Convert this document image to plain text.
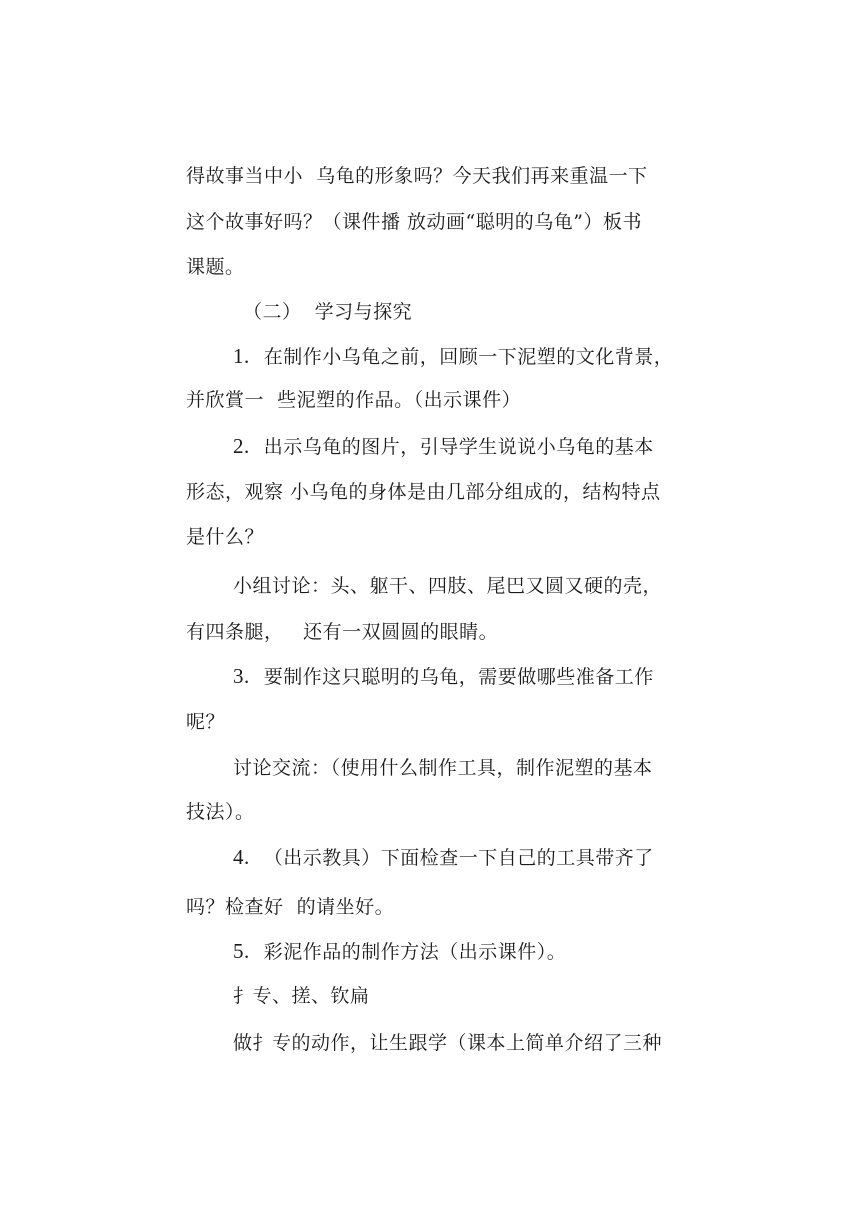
得故事当中小  乌龟的形象吗？今天我们再来重温一下
这个故事好吗？（课件播 放动画“聪明的乌龟”）板书
课题。
（二）  学习与探究
1. 在制作小乌龟之前，回顾一下泥塑的文化背景，
并欣賞一  些泥塑的作品。（出示课件）
2. 出示乌龟的图片，引导学生说说小乌龟的基本
形态，观察 小乌龟的身体是由几部分组成的，结构特点
是什么？
小组讨论：头、躯干、四肢、尾巴又圆又硬的壳，
有四条腿，   还有一双圆圆的眼睛。
3. 要制作这只聪明的乌龟，需要做哪些准备工作
呢？
讨论交流：（使用什么制作工具，制作泥塑的基本
技法）。
4. （出示教具）下面检查一下自己的工具带齐了
吗？检查好  的请坐好。
5. 彩泥作品的制作方法（出示课件）。
扌专、搓、钦扁
做扌专的动作，让生跟学（课本上简单介绍了三种
